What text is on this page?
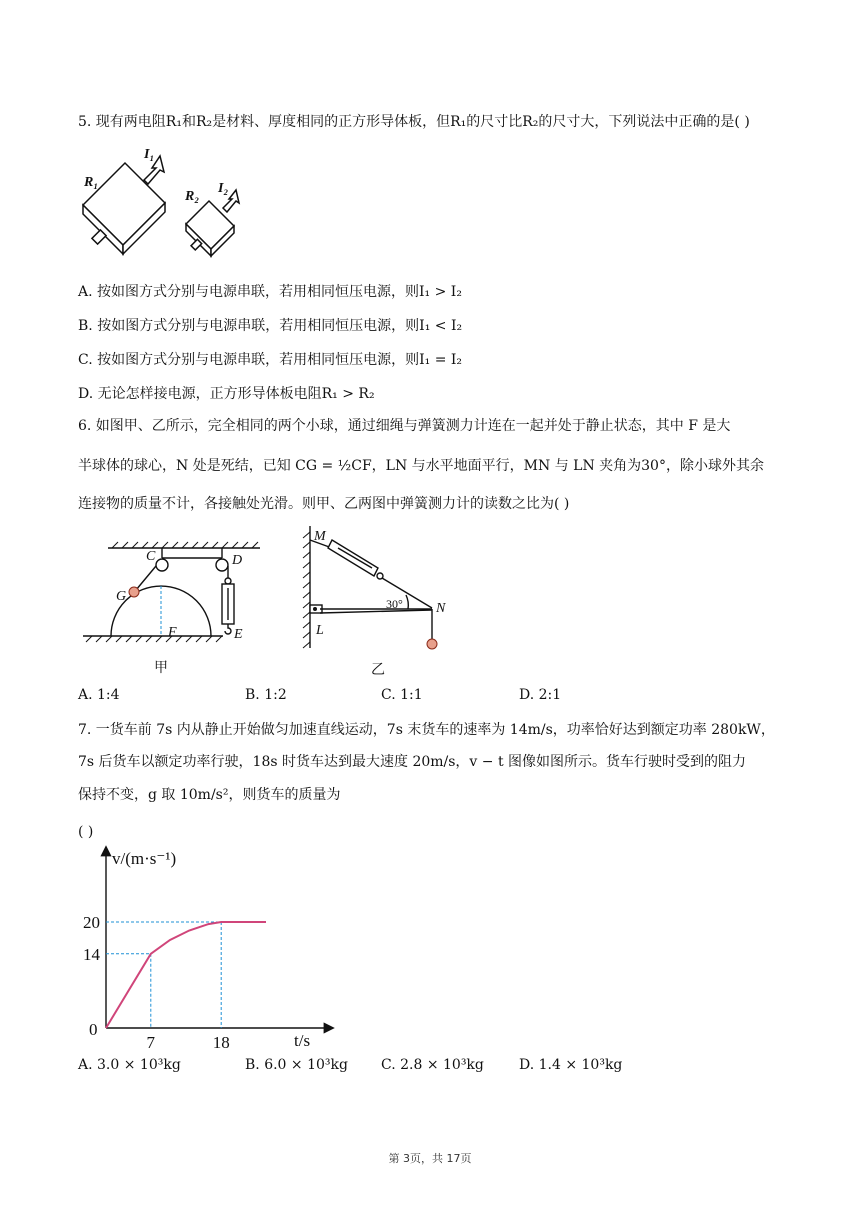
5. 现有两电阻R₁和R₂是材料、厚度相同的正方形导体板，但R₁的尺寸比R₂的尺寸大，下列说法中正确的是( )
R₁
I₁
R₂
I₂
A. 按如图方式分别与电源串联，若用相同恒压电源，则I₁ > I₂
B. 按如图方式分别与电源串联，若用相同恒压电源，则I₁ < I₂
C. 按如图方式分别与电源串联，若用相同恒压电源，则I₁ = I₂
D. 无论怎样接电源，正方形导体板电阻R₁ > R₂
6. 如图甲、乙所示，完全相同的两个小球，通过细绳与弹簧测力计连在一起并处于静止状态，其中 F 是大
半球体的球心，N 处是死结，已知 CG = ½CF，LN 与水平地面平行，MN 与 LN 夹角为30°，除小球外其余
连接物的质量不计，各接触处光滑。则甲、乙两图中弹簧测力计的读数之比为( )
C	D
G
F	E
甲
M
L
N
30°
乙
A. 1:4	B. 1:2	C. 1:1	D. 2:1
7. 一货车前 7s 内从静止开始做匀加速直线运动，7s 末货车的速率为 14m/s，功率恰好达到额定功率 280kW，
7s 后货车以额定功率行驶，18s 时货车达到最大速度 20m/s，v − t 图像如图所示。货车行驶时受到的阻力
保持不变，g 取 10m/s²，则货车的质量为
( )
v/(m·s⁻¹)
t/s
0
7	18
14
20
A. 3.0 × 10³kg	B. 6.0 × 10³kg C. 2.8 × 10³kg	D. 1.4 × 10³kg
第 3页，共 17页
